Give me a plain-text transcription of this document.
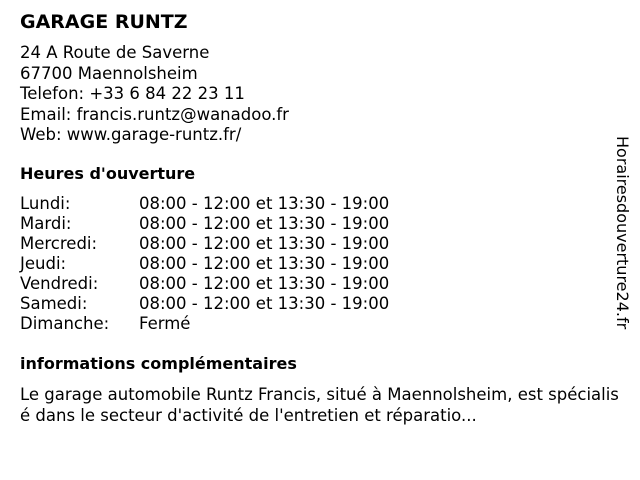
GARAGE RUNTZ
24 A Route de Saverne
67700 Maennolsheim
Telefon: +33 6 84 22 23 11
Email: francis.runtz@wanadoo.fr
Web: www.garage-runtz.fr/
Heures d'ouverture
Lundi:	08:00 - 12:00 et 13:30 - 19:00
Mardi:	08:00 - 12:00 et 13:30 - 19:00
Mercredi:	08:00 - 12:00 et 13:30 - 19:00
Jeudi:	08:00 - 12:00 et 13:30 - 19:00
Vendredi: 08:00 - 12:00 et 13:30 - 19:00
Samedi:	08:00 - 12:00 et 13:30 - 19:00
Dimanche: Fermé
informations complémentaires
Le garage automobile Runtz Francis, situé à Maennolsheim, est spécialisé dans le secteur d'activité de l'entretien et réparatio...
Horairesdouverture24.fr
